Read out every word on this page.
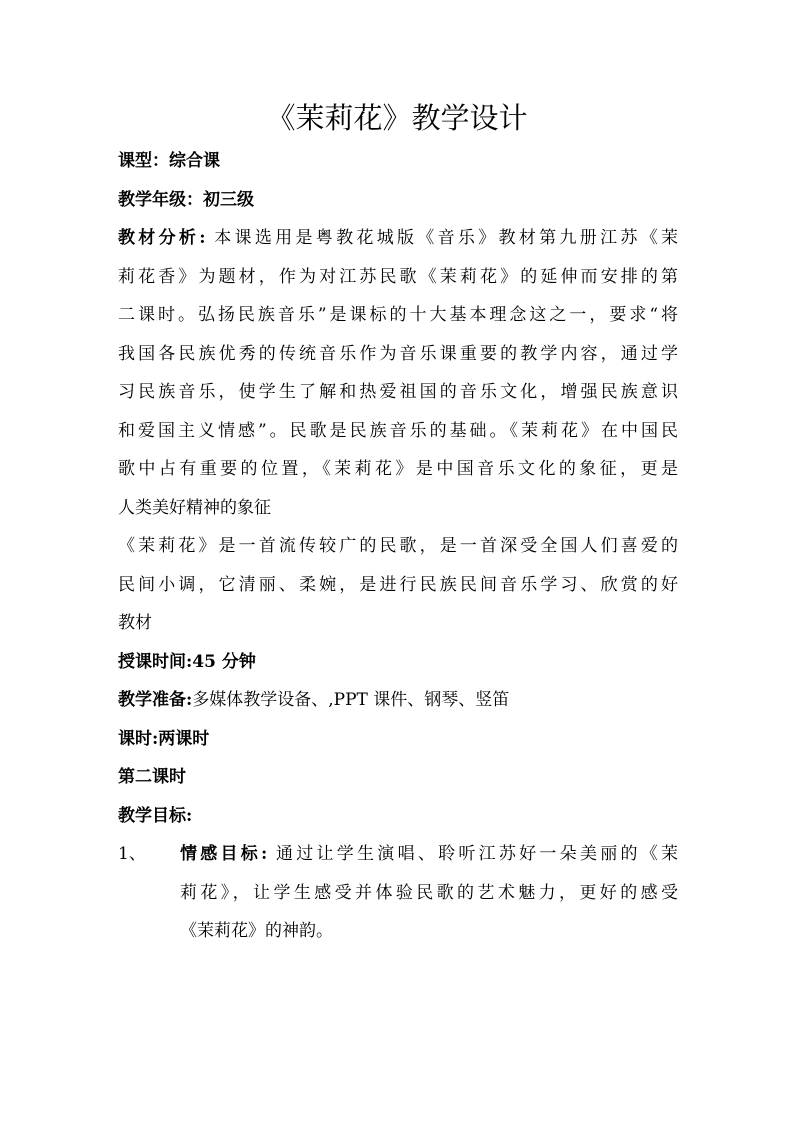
《茉莉花》教学设计

课型：综合课

教学年级：初三级

教材分析: 本课选用是粤教花城版《音乐》教材第九册江苏《茉

莉花香》为题材，作为对江苏民歌《茉莉花》的延伸而安排的第

二课时。弘扬民族音乐”是课标的十大基本理念这之一，要求“将

我国各民族优秀的传统音乐作为音乐课重要的教学内容，通过学

习民族音乐，使学生了解和热爱祖国的音乐文化，增强民族意识

和爱国主义情感”。民歌是民族音乐的基础。《茉莉花》在中国民

歌中占有重要的位置，《茉莉花》是中国音乐文化的象征，更是

人类美好精神的象征

《茉莉花》是一首流传较广的民歌，是一首深受全国人们喜爱的

民间小调，它清丽、柔婉，是进行民族民间音乐学习、欣赏的好

教材

授课时间:45 分钟

教学准备:多媒体教学设备、,PPT 课件、钢琴、竖笛

课时:两课时

第二课时

教学目标:

1、	情感目标: 通过让学生演唱、聆听江苏好一朵美丽的《茉

莉花》，让学生感受并体验民歌的艺术魅力，更好的感受

《茉莉花》的神韵。
